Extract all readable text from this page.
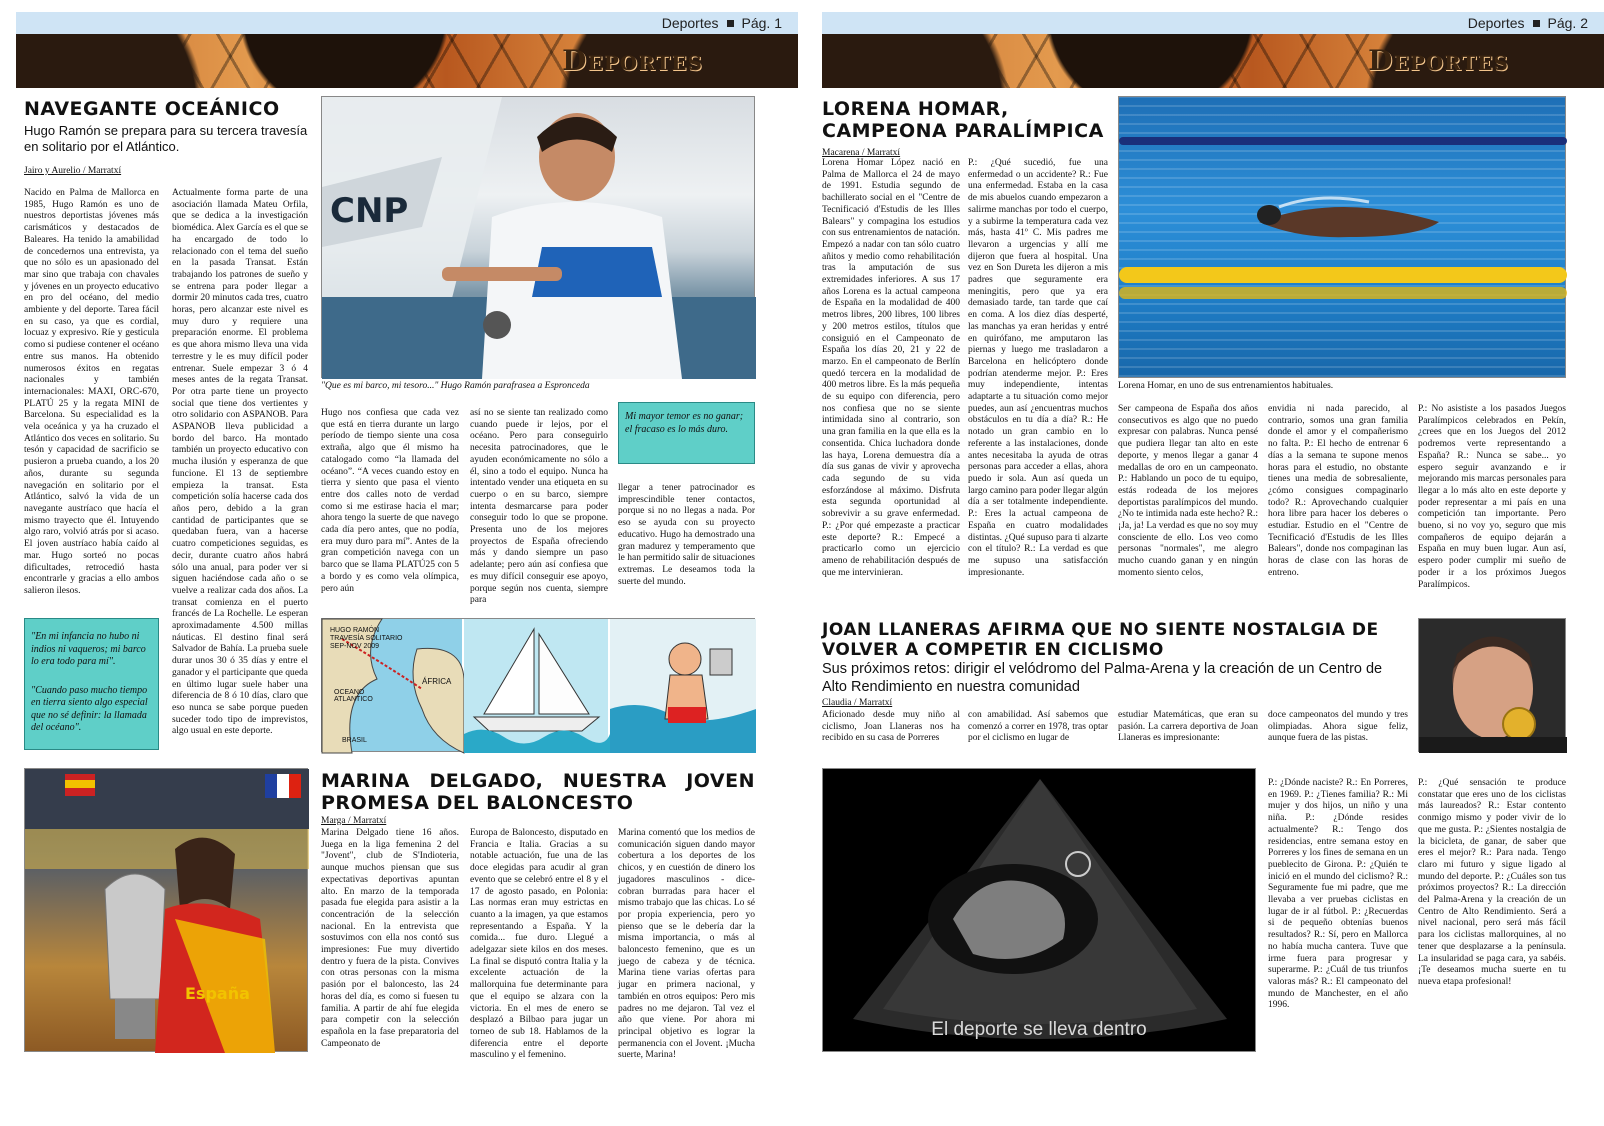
Deportes Pág. 1
Deportes
NAVEGANTE OCEÁNICO
Hugo Ramón se prepara para su tercera travesía en solitario por el Atlántico.
Jairo y Aurelio / Marratxí
Nacido en Palma de Mallorca en 1985, Hugo Ramón es uno de nuestros deportistas jóvenes más carismáticos y destacados de Baleares. Ha tenido la amabilidad de concedernos una entrevista, ya que no sólo es un apasionado del mar sino que trabaja con chavales y jóvenes en un proyecto educativo en pro del océano, del medio ambiente y del deporte. Tarea fácil en su caso, ya que es cordial, locuaz y expresivo. Ríe y gesticula como si pudiese contener el océano entre sus manos. Ha obtenido numerosos éxitos en regatas nacionales y también internacionales: MAXI, ORC-670, PLATÚ 25 y la regata MINI de Barcelona. Su especialidad es la vela oceánica y ya ha cruzado el Atlántico dos veces en solitario. Su tesón y capacidad de sacrificio se pusieron a prueba cuando, a los 20 años, durante su segunda navegación en solitario por el Atlántico, salvó la vida de un navegante austríaco que hacía el mismo trayecto que él. Intuyendo algo raro, volvió atrás por si acaso. El joven austríaco había caído al mar. Hugo sorteó no pocas dificultades, retrocedió hasta encontrarle y gracias a ello ambos salieron ilesos.
Actualmente forma parte de una asociación llamada Mateu Orfila, que se dedica a la investigación biomédica. Alex García es el que se ha encargado de todo lo relacionado con el tema del sueño en la pasada Transat. Están trabajando los patrones de sueño y se entrena para poder llegar a dormir 20 minutos cada tres, cuatro horas, pero alcanzar este nivel es muy duro y requiere una preparación enorme. El problema es que ahora mismo lleva una vida terrestre y le es muy difícil poder entrenar. Suele empezar 3 ó 4 meses antes de la regata Transat. Por otra parte tiene un proyecto social que tiene dos vertientes y otro solidario con ASPANOB. Para ASPANOB lleva publicidad a bordo del barco. Ha montado también un proyecto educativo con mucha ilusión y esperanza de que funcione. El 13 de septiembre empieza la transat. Esta competición solía hacerse cada dos años pero, debido a la gran cantidad de participantes que se quedaban fuera, van a hacerse cuatro competiciones seguidas, es decir, durante cuatro años habrá sólo una anual, para poder ver si siguen haciéndose cada año o se vuelve a realizar cada dos años. La transat comienza en el puerto francés de La Rochelle. Le esperan aproximadamente 4.500 millas náuticas. El destino final será Salvador de Bahía. La prueba suele durar unos 30 ó 35 días y entre el ganador y el participante que queda en último lugar suele haber una diferencia de 8 ó 10 días, claro que eso nunca se sabe porque pueden suceder todo tipo de imprevistos, algo usual en este deporte.
CNP
"Que es mi barco, mi tesoro..." Hugo Ramón parafrasea a Espronceda
Hugo nos confiesa que cada vez que está en tierra durante un largo período de tiempo siente una cosa extraña, algo que él mismo ha catalogado como “la llamada del océano”. “A veces cuando estoy en tierra y siento que pasa el viento entre dos calles noto de verdad como si me estirase hacia el mar; ahora tengo la suerte de que navego cada día pero antes, que no podía, era muy duro para mí”. Antes de la gran competición navega con un barco que se llama PLATÚ25 con 5 a bordo y es como vela olímpica, pero aún
así no se siente tan realizado como cuando puede ir lejos, por el océano. Pero para conseguirlo necesita patrocinadores, que le ayuden económicamente no sólo a él, sino a todo el equipo. Nunca ha intentado vender una etiqueta en su cuerpo o en su barco, siempre intenta desmarcarse para poder conseguir todo lo que se propone. Presenta uno de los mejores proyectos de España ofreciendo más y dando siempre un paso adelante; pero aún así confiesa que es muy difícil conseguir ese apoyo, porque según nos cuenta, siempre para
Mi mayor temor es no ganar; el fracaso es lo más duro.
llegar a tener patrocinador es imprescindible tener contactos, porque si no no llegas a nada. Por eso se ayuda con su proyecto educativo. Hugo ha demostrado una gran madurez y temperamento que le han permitido salir de situaciones extremas. Le deseamos toda la suerte del mundo.
"En mi infancia no hubo ni indios ni vaqueros; mi barco lo era todo para mí".
"Cuando paso mucho tiempo en tierra siento algo especial que no sé definir: la llamada del océano".
HUGO RAMÓN
TRAVESÍA SOLITARIO
SEP-NOV 2009
OCEANO ATLANTICO
ÁFRICA
BRASIL
España
MARINA DELGADO, NUESTRA JOVEN PROMESA DEL BALONCESTO
Marga / Marratxí
Marina Delgado tiene 16 años. Juega en la liga femenina 2 del "Jovent", club de S'Indioteria, aunque muchos piensan que sus expectativas deportivas apuntan alto. En marzo de la temporada pasada fue elegida para asistir a la concentración de la selección nacional. En la entrevista que sostuvimos con ella nos contó sus impresiones: Fue muy divertido dentro y fuera de la pista. Convives con otras personas con la misma pasión por el baloncesto, las 24 horas del día, es como si fuesen tu familia. A partir de ahí fue elegida para competir con la selección española en la fase preparatoria del Campeonato de
Europa de Baloncesto, disputado en Francia e Italia. Gracias a su notable actuación, fue una de las doce elegidas para acudir al gran evento que se celebró entre el 8 y el 17 de agosto pasado, en Polonia: Las normas eran muy estrictas en cuanto a la imagen, ya que estamos representando a España. Y la comida... fue duro. Llegué a adelgazar siete kilos en dos meses. La final se disputó contra Italia y la excelente actuación de la mallorquina fue determinante para que el equipo se alzara con la victoria. En el mes de enero se desplazó a Bilbao para jugar un torneo de sub 18. Hablamos de la diferencia entre el deporte masculino y el femenino.
Marina comentó que los medios de comunicación siguen dando mayor cobertura a los deportes de los chicos, y en cuestión de dinero los jugadores masculinos - dice- cobran burradas para hacer el mismo trabajo que las chicas. Lo sé por propia experiencia, pero yo pienso que se le debería dar la misma importancia, o más al baloncesto femenino, que es un juego de cabeza y de técnica. Marina tiene varias ofertas para jugar en primera nacional, y también en otros equipos: Pero mis padres no me dejaron. Tal vez el año que viene. Por ahora mi principal objetivo es lograr la permanencia con el Jovent. ¡Mucha suerte, Marina!
Deportes Pág. 2
Deportes
LORENA HOMAR, CAMPEONA PARALÍMPICA
Macarena / Marratxí
Lorena Homar López nació en Palma de Mallorca el 24 de mayo de 1991. Estudia segundo de bachillerato social en el "Centre de Tecnificació d'Estudis de les Illes Balears" y compagina los estudios con sus entrenamientos de natación. Empezó a nadar con tan sólo cuatro añitos y medio como rehabilitación tras la amputación de sus extremidades inferiores. A sus 17 años Lorena es la actual campeona de España en la modalidad de 400 metros libres, 200 libres, 100 libres y 200 metros estilos, títulos que consiguió en el Campeonato de España los días 20, 21 y 22 de marzo. En el campeonato de Berlín quedó tercera en la modalidad de 400 metros libre. Es la más pequeña de su equipo con diferencia, pero nos confiesa que no se siente intimidada sino al contrario, son una gran familia en la que ella es la consentida. Chica luchadora donde las haya, Lorena demuestra día a día sus ganas de vivir y aprovecha cada segundo de su vida esforzándose al máximo. Disfruta esta segunda oportunidad al sobrevivir a su grave enfermedad. P.: ¿Por qué empezaste a practicar este deporte? R.: Empecé a practicarlo como un ejercicio ameno de rehabilitación después de que me intervinieran.
P.: ¿Qué sucedió, fue una enfermedad o un accidente? R.: Fue una enfermedad. Estaba en la casa de mis abuelos cuando empezaron a salirme manchas por todo el cuerpo, y a subirme la temperatura cada vez más, hasta 41º C. Mis padres me llevaron a urgencias y allí me dijeron que fuera al hospital. Una vez en Son Dureta les dijeron a mis padres que seguramente era meningitis, pero que ya era demasiado tarde, tan tarde que caí en coma. A los diez días desperté, las manchas ya eran heridas y entré en quirófano, me amputaron las piernas y luego me trasladaron a Barcelona en helicóptero donde podrían atenderme mejor. P.: Eres muy independiente, intentas adaptarte a tu situación como mejor puedes, aun así ¿encuentras muchos obstáculos en tu día a día? R.: He notado un gran cambio en lo referente a las instalaciones, donde antes necesitaba la ayuda de otras personas para acceder a ellas, ahora puedo ir sola. Aun así queda un largo camino para poder llegar algún día a ser totalmente independiente. P.: Eres la actual campeona de España en cuatro modalidades distintas. ¿Qué supuso para ti alzarte con el título? R.: La verdad es que me supuso una satisfacción impresionante.
Lorena Homar, en uno de sus entrenamientos habituales.
Ser campeona de España dos años consecutivos es algo que no puedo expresar con palabras. Nunca pensé que pudiera llegar tan alto en este deporte, y menos llegar a ganar 4 medallas de oro en un campeonato. P.: Hablando un poco de tu equipo, estás rodeada de los mejores deportistas paralímpicos del mundo. ¿No te intimida nada este hecho? R.: ¡Ja, ja! La verdad es que no soy muy consciente de ello. Los veo como personas "normales", me alegro mucho cuando ganan y en ningún momento siento celos,
envidia ni nada parecido, al contrario, somos una gran familia donde el amor y el compañerismo no falta. P.: El hecho de entrenar 6 días a la semana te supone menos horas para el estudio, no obstante tienes una media de sobresaliente, ¿cómo consigues compaginarlo todo? R.: Aprovechando cualquier hora libre para hacer los deberes o estudiar. Estudio en el "Centre de Tecnificació d'Estudis de les Illes Balears", donde nos compaginan las horas de clase con las horas de entreno.
P.: No asististe a los pasados Juegos Paralímpicos celebrados en Pekín, ¿crees que en los Juegos del 2012 podremos verte representando a España? R.: Nunca se sabe... yo espero seguir avanzando e ir mejorando mis marcas personales para llegar a lo más alto en este deporte y poder representar a mi país en una competición tan importante. Pero bueno, si no voy yo, seguro que mis compañeros de equipo dejarán a España en muy buen lugar. Aun así, espero poder cumplir mi sueño de poder ir a los próximos Juegos Paralímpicos.
JOAN LLANERAS AFIRMA QUE NO SIENTE NOSTALGIA DE VOLVER A COMPETIR EN CICLISMO
Sus próximos retos: dirigir el velódromo del Palma-Arena y la creación de un Centro de Alto Rendimiento en nuestra comunidad
Claudia / Marratxí
Aficionado desde muy niño al ciclismo, Joan Llaneras nos ha recibido en su casa de Porreres
con amabilidad. Así sabemos que comenzó a correr en 1978, tras optar por el ciclismo en lugar de
estudiar Matemáticas, que eran su pasión. La carrera deportiva de Joan Llaneras es impresionante:
doce campeonatos del mundo y tres olimpiadas. Ahora sigue feliz, aunque fuera de las pistas.
El deporte se lleva dentro
P.: ¿Dónde naciste? R.: En Porreres, en 1969. P.: ¿Tienes familia? R.: Mi mujer y dos hijos, un niño y una niña. P.: ¿Dónde resides actualmente? R.: Tengo dos residencias, entre semana estoy en Porreres y los fines de semana en un pueblecito de Girona. P.: ¿Quién te inició en el mundo del ciclismo? R.: Seguramente fue mi padre, que me llevaba a ver pruebas ciclistas en lugar de ir al fútbol. P.: ¿Recuerdas si de pequeño obtenías buenos resultados? R.: Sí, pero en Mallorca no había mucha cantera. Tuve que irme fuera para progresar y superarme. P.: ¿Cuál de tus triunfos valoras más? R.: El campeonato del mundo de Manchester, en el año 1996.
P.: ¿Qué sensación te produce constatar que eres uno de los ciclistas más laureados? R.: Estar contento conmigo mismo y poder vivir de lo que me gusta. P.: ¿Sientes nostalgia de la bicicleta, de ganar, de saber que eres el mejor? R.: Para nada. Tengo claro mi futuro y sigue ligado al mundo del deporte. P.: ¿Cuáles son tus próximos proyectos? R.: La dirección del Palma-Arena y la creación de un Centro de Alto Rendimiento. Será a nivel nacional, pero será más fácil para los ciclistas mallorquines, al no tener que desplazarse a la península. La insularidad se paga cara, ya sabéis. ¡Te deseamos mucha suerte en tu nueva etapa profesional!
